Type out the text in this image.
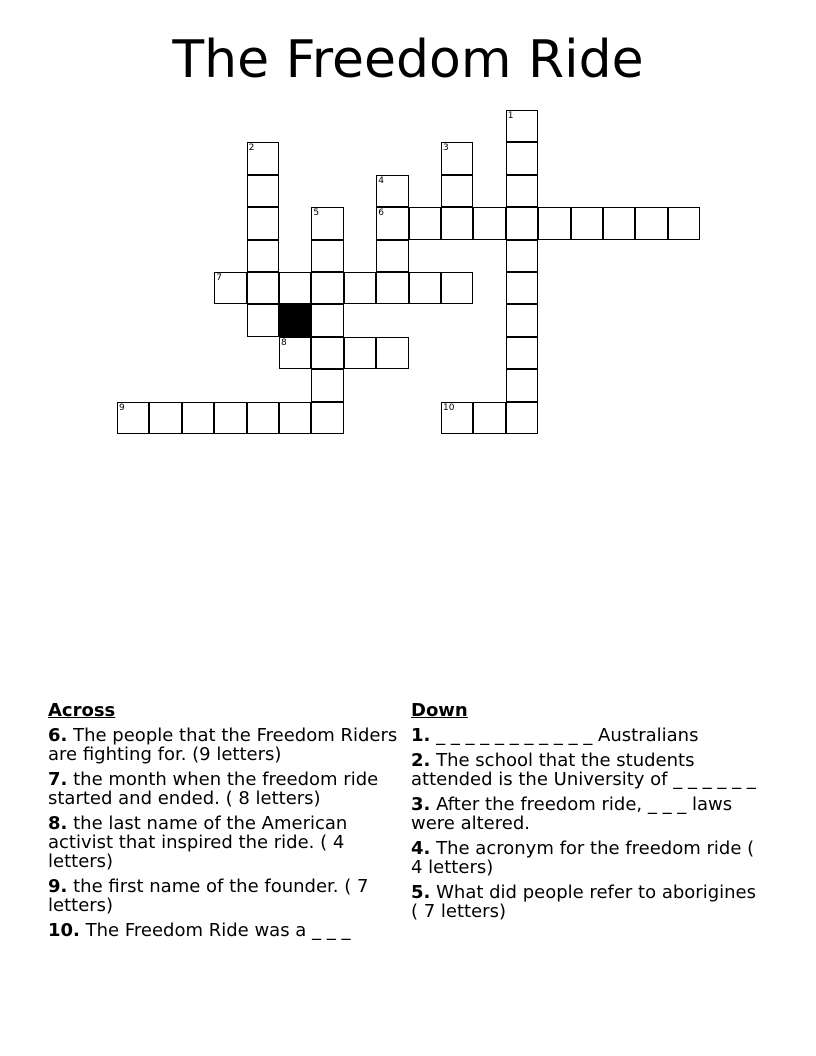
The Freedom Ride
1
2	3
4
5	6
7
8
9	10
Across
6. The people that the Freedom Riders are fighting for. (9 letters)
7. the month when the freedom ride started and ended. ( 8 letters)
8. the last name of the American activist that inspired the ride. ( 4 letters)
9. the first name of the founder. ( 7 letters)
10. The Freedom Ride was a _ _ _
Down
1. _ _ _ _ _ _ _ _ _ _ _ Australians
2. The school that the students attended is the University of _ _ _ _ _ _
3. After the freedom ride, _ _ _ laws were altered.
4. The acronym for the freedom ride ( 4 letters)
5. What did people refer to aborigines ( 7 letters)
